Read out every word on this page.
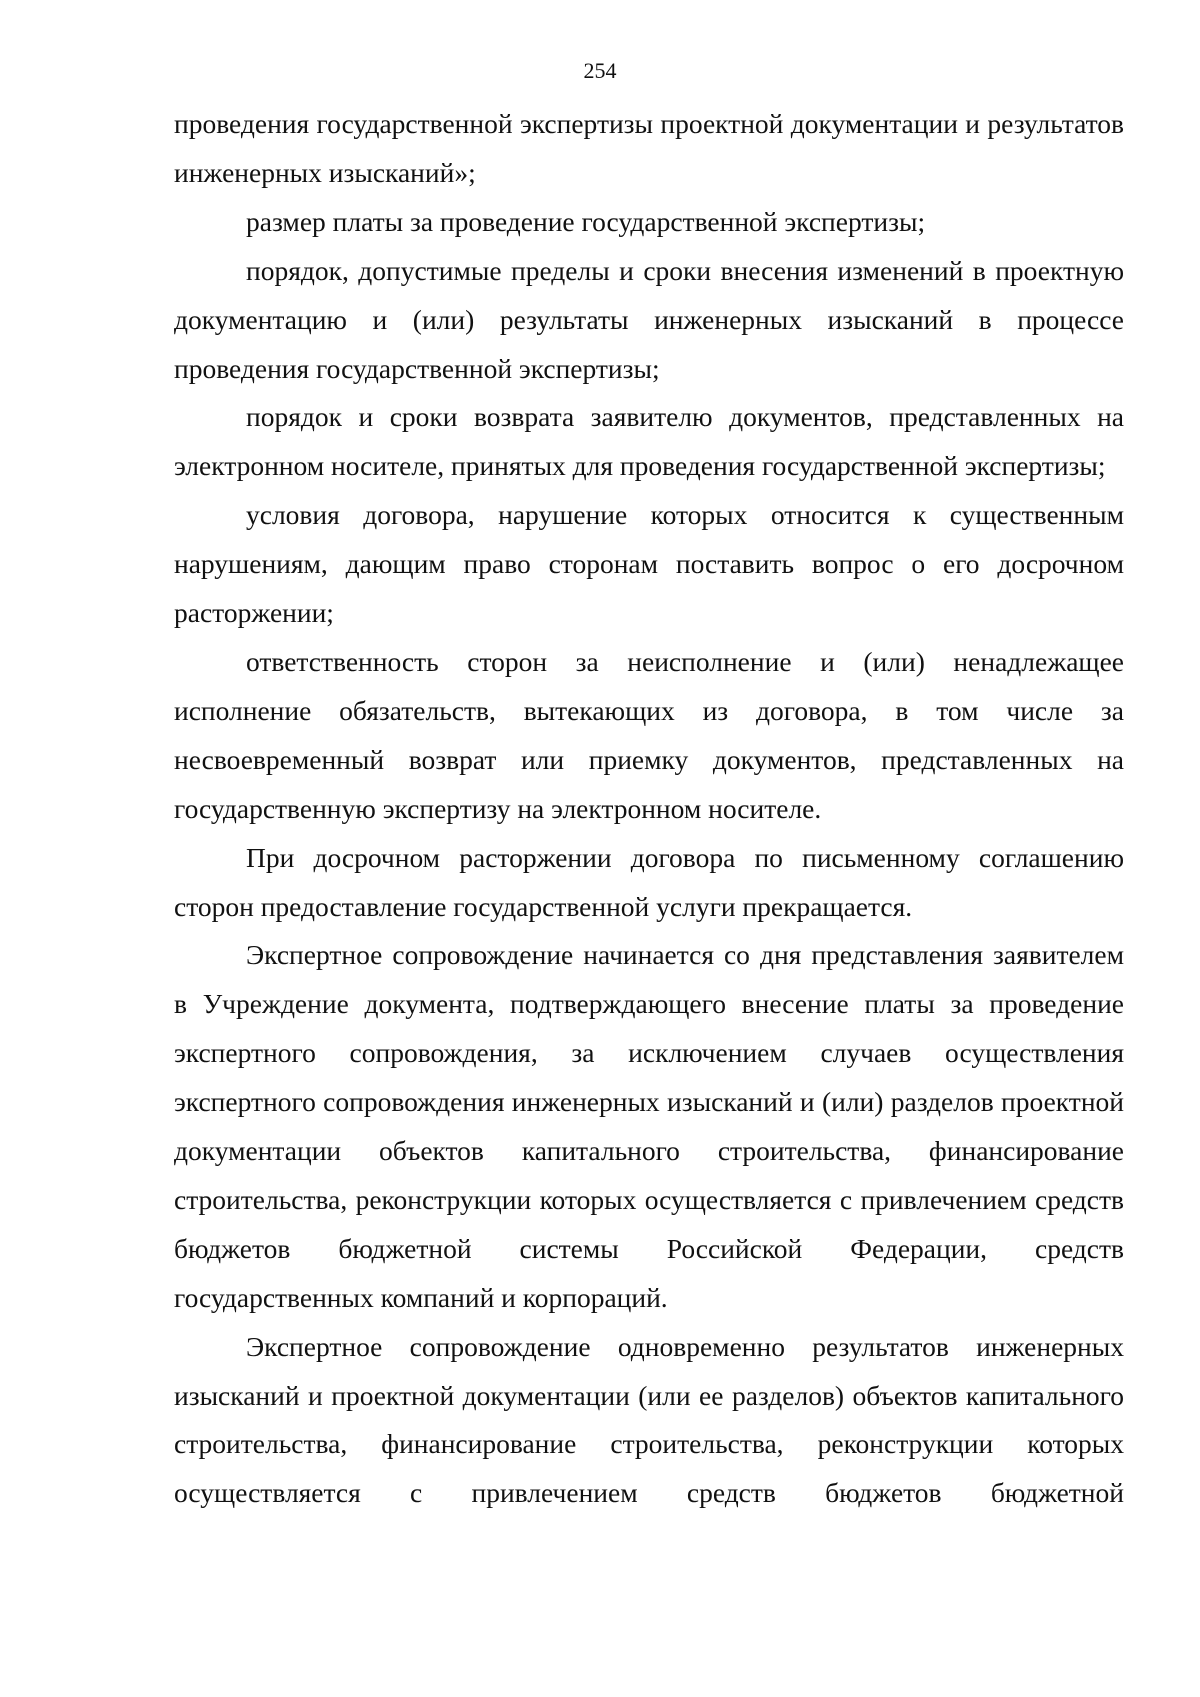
254

проведения государственной экспертизы проектной документации и результатов инженерных изысканий»;

размер платы за проведение государственной экспертизы;

порядок, допустимые пределы и сроки внесения изменений в проектную документацию и (или) результаты инженерных изысканий в процессе проведения государственной экспертизы;

порядок и сроки возврата заявителю документов, представленных на электронном носителе, принятых для проведения государственной экспертизы;

условия договора, нарушение которых относится к существенным нарушениям, дающим право сторонам поставить вопрос о его досрочном расторжении;

ответственность сторон за неисполнение и (или) ненадлежащее исполнение обязательств, вытекающих из договора, в том числе за несвоевременный возврат или приемку документов, представленных на государственную экспертизу на электронном носителе.

При досрочном расторжении договора по письменному соглашению сторон предоставление государственной услуги прекращается.

Экспертное сопровождение начинается со дня представления заявителем в Учреждение документа, подтверждающего внесение платы за проведение экспертного сопровождения, за исключением случаев осуществления экспертного сопровождения инженерных изысканий и (или) разделов проектной документации объектов капитального строительства, финансирование строительства, реконструкции которых осуществляется с привлечением средств бюджетов бюджетной системы Российской Федерации, средств государственных компаний и корпораций.

Экспертное сопровождение одновременно результатов инженерных изысканий и проектной документации (или ее разделов) объектов капитального строительства, финансирование строительства, реконструкции которых осуществляется с привлечением средств бюджетов бюджетной
